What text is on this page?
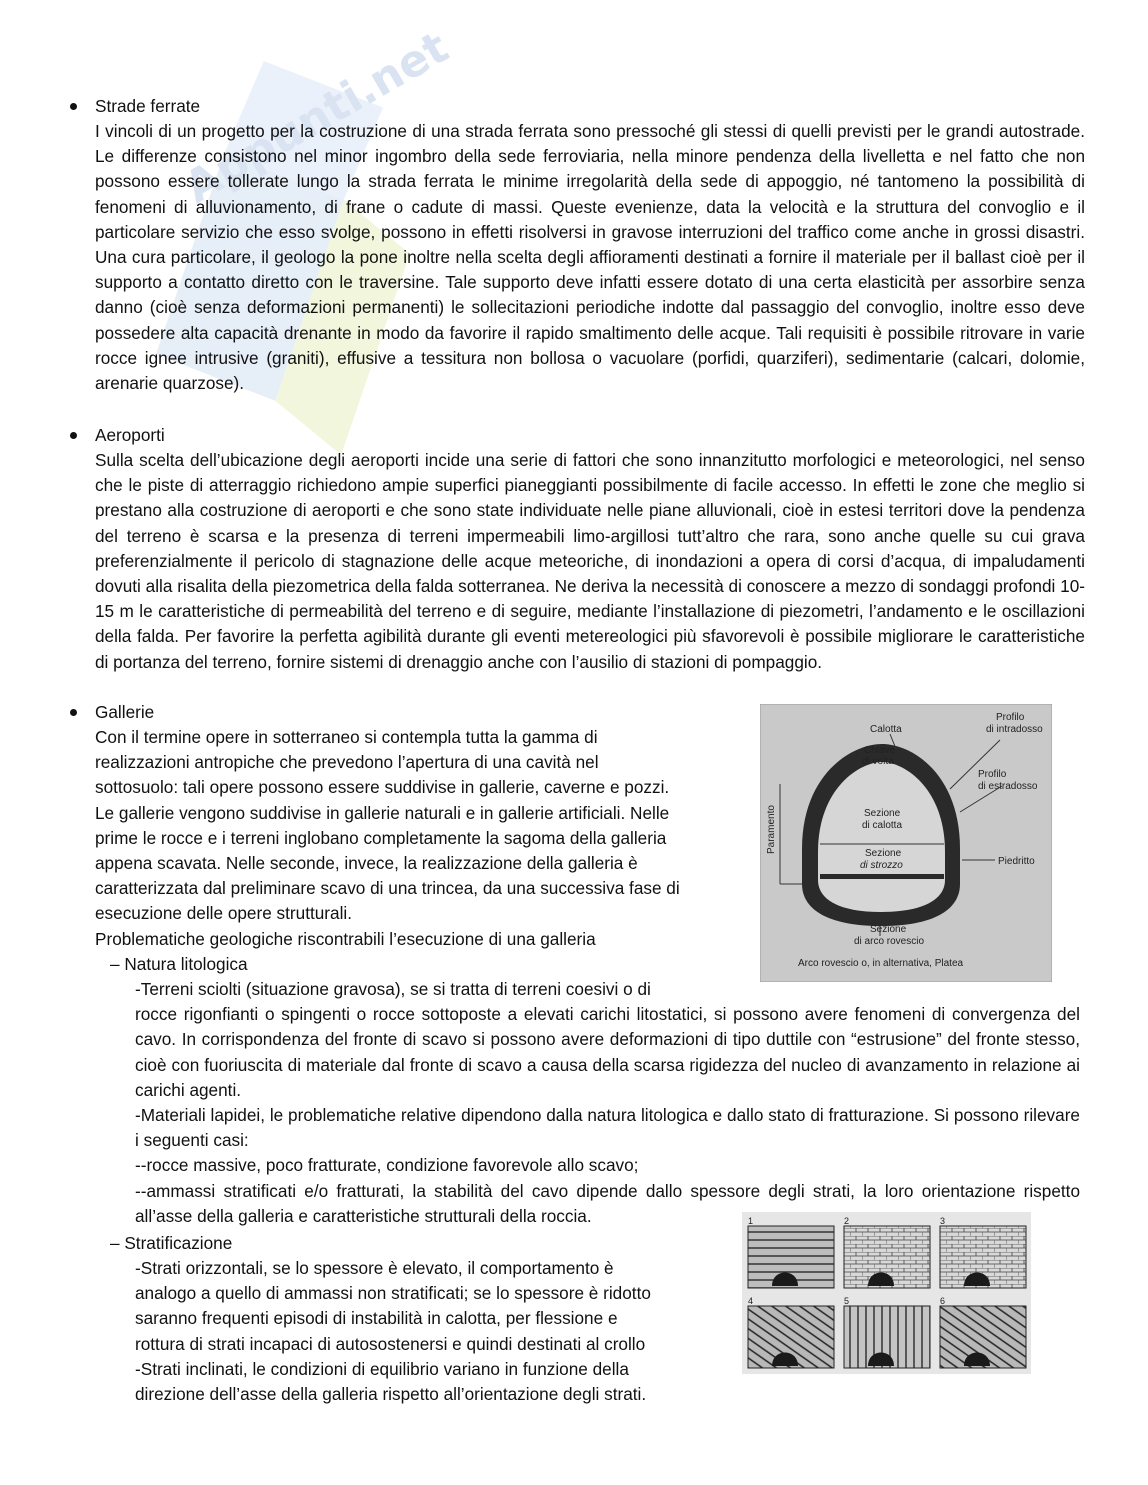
Appunti.net
Strade ferrate
I vincoli di un progetto per la costruzione di una strada ferrata sono pressoché gli stessi di quelli previsti per le grandi autostrade. Le differenze consistono nel minor ingombro della sede ferroviaria, nella minore pendenza della livelletta e nel fatto che non possono essere tollerate lungo la strada ferrata le minime irregolarità della sede di appoggio, né tantomeno la possibilità di fenomeni di alluvionamento, di frane o cadute di massi. Queste evenienze, data la velocità e la struttura del convoglio e il particolare servizio che esso svolge, possono in effetti risolversi in gravose interruzioni del traffico come anche in grossi disastri. Una cura particolare, il geologo la pone inoltre nella scelta degli affioramenti destinati a fornire il materiale per il ballast cioè per il supporto a contatto diretto con le traversine. Tale supporto deve infatti essere dotato di una certa elasticità per assorbire senza danno (cioè senza deformazioni permanenti) le sollecitazioni periodiche indotte dal passaggio del convoglio, inoltre esso deve possedere alta capacità drenante in modo da favorire il rapido smaltimento delle acque. Tali requisiti è possibile ritrovare in varie rocce ignee intrusive (graniti), effusive a tessitura non bollosa o vacuolare (porfidi, quarziferi), sedimentarie (calcari, dolomie, arenarie quarzose).
Aeroporti
Sulla scelta dell’ubicazione degli aeroporti incide una serie di fattori che sono innanzitutto morfologici e meteorologici, nel senso che le piste di atterraggio richiedono ampie superfici pianeggianti possibilmente di facile accesso. In effetti le zone che meglio si prestano alla costruzione di aeroporti e che sono state individuate nelle piane alluvionali, cioè in estesi territori dove la pendenza del terreno è scarsa e la presenza di terreni impermeabili limo-argillosi tutt’altro che rara, sono anche quelle su cui grava preferenzialmente il pericolo di stagnazione delle acque meteoriche, di inondazioni a opera di corsi d’acqua, di impaludamenti dovuti alla risalita della piezometrica della falda sotterranea. Ne deriva la necessità di conoscere a mezzo di sondaggi profondi 10-15 m le caratteristiche di permeabilità del terreno e di seguire, mediante l’installazione di piezometri, l’andamento e le oscillazioni della falda. Per favorire la perfetta agibilità durante gli eventi metereologici più sfavorevoli è possibile migliorare le caratteristiche di portanza del terreno, fornire sistemi di drenaggio anche con l’ausilio di stazioni di pompaggio.
Gallerie
Con il termine opere in sotterraneo si contempla tutta la gamma di
realizzazioni antropiche che prevedono l’apertura di una cavità nel
sottosuolo: tali opere possono essere suddivise in gallerie, caverne e pozzi.
Le gallerie vengono suddivise in gallerie naturali e in gallerie artificiali. Nelle
prime le rocce e i terreni inglobano completamente la sagoma della galleria
appena scavata. Nelle seconde, invece, la realizzazione della galleria è
caratterizzata dal preliminare scavo di una trincea, da una successiva fase di
esecuzione delle opere strutturali.
Problematiche geologiche riscontrabili l’esecuzione di una galleria
– Natura litologica
-Terreni sciolti (situazione gravosa), se si tratta di terreni coesivi o di
rocce rigonfianti o spingenti o rocce sottoposte a elevati carichi litostatici, si possono avere fenomeni di convergenza del cavo. In corrispondenza del fronte di scavo si possono avere deformazioni di tipo duttile con “estrusione” del fronte stesso, cioè con fuoriuscita di materiale dal fronte di scavo a causa della scarsa rigidezza del nucleo di avanzamento in relazione ai carichi agenti.
-Materiali lapidei, le problematiche relative dipendono dalla natura litologica e dallo stato di fratturazione. Si possono rilevare i seguenti casi:
--rocce massive, poco fratturate, condizione favorevole allo scavo;
--ammassi stratificati e/o fratturati, la stabilità del cavo dipende dallo spessore degli strati, la loro orientazione rispetto all’asse della galleria e caratteristiche strutturali della roccia.
– Stratificazione
-Strati orizzontali, se lo spessore è elevato, il comportamento è
analogo a quello di ammassi non stratificati; se lo spessore è ridotto
saranno frequenti episodi di instabilità in calotta, per flessione e
rottura di strati incapaci di autosostenersi e quindi destinati al crollo
-Strati inclinati, le condizioni di equilibrio variano in funzione della
direzione dell’asse della galleria rispetto all’orientazione degli strati.
Calotta
Chiave
di volta
Profilo
di intradosso
Profilo
di estradosso
Piedritto
Paramento	Sezione
di calotta
Sezione
di strozzo
Sezione
di arco rovescio
Arco rovescio o, in alternativa, Platea
1	2	3
4	5	6
